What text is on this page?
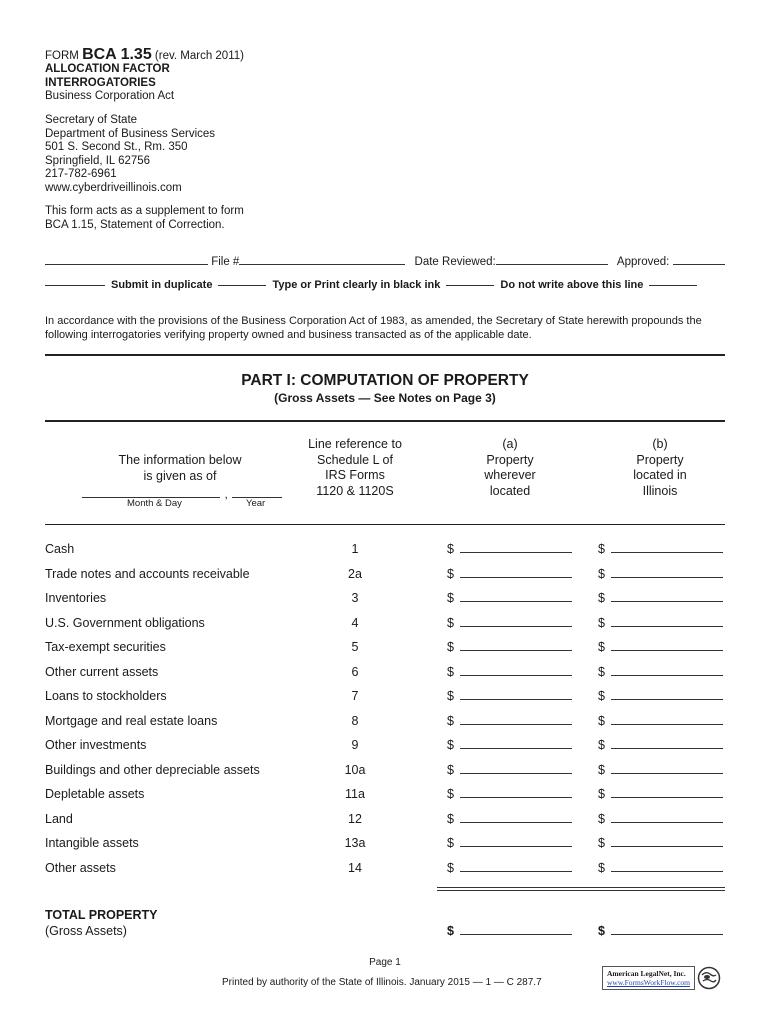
FORM BCA 1.35 (rev. March 2011)
ALLOCATION FACTOR
INTERROGATORIES
Business Corporation Act
Secretary of State
Department of Business Services
501 S. Second St., Rm. 350
Springfield, IL 62756
217-782-6961
www.cyberdriveillinois.com
This form acts as a supplement to form
BCA 1.15, Statement of Correction.
File #	Date Reviewed:	Approved:
Submit in duplicate	Type or Print clearly in black ink	Do not write above this line
In accordance with the provisions of the Business Corporation Act of 1983, as amended, the Secretary of State herewith propounds the
following interrogatories verifying property owned and business transacted as of the applicable date.
PART I: COMPUTATION OF PROPERTY
(Gross Assets — See Notes on Page 3)
The information below
is given as of
,
Month & Day	Year
Line reference to
Schedule L of
IRS Forms
1120 & 1120S
(a)
Property
wherever
located
(b)
Property
located in
Illinois
Cash	1	$	$
Trade notes and accounts receivable	2a	$	$
Inventories	3	$	$
U.S. Government obligations	4	$	$
Tax-exempt securities	5	$	$
Other current assets	6	$	$
Loans to stockholders	7	$	$
Mortgage and real estate loans	8	$	$
Other investments	9	$	$
Buildings and other depreciable assets	10a	$	$
Depletable assets	11a	$	$
Land	12	$	$
Intangible assets	13a	$	$
Other assets	14	$	$
TOTAL PROPERTY
(Gross Assets)	$	$
Page 1
Printed by authority of the State of Illinois. January 2015 — 1 — C 287.7
American LegalNet, Inc.
www.FormsWorkFlow.com
